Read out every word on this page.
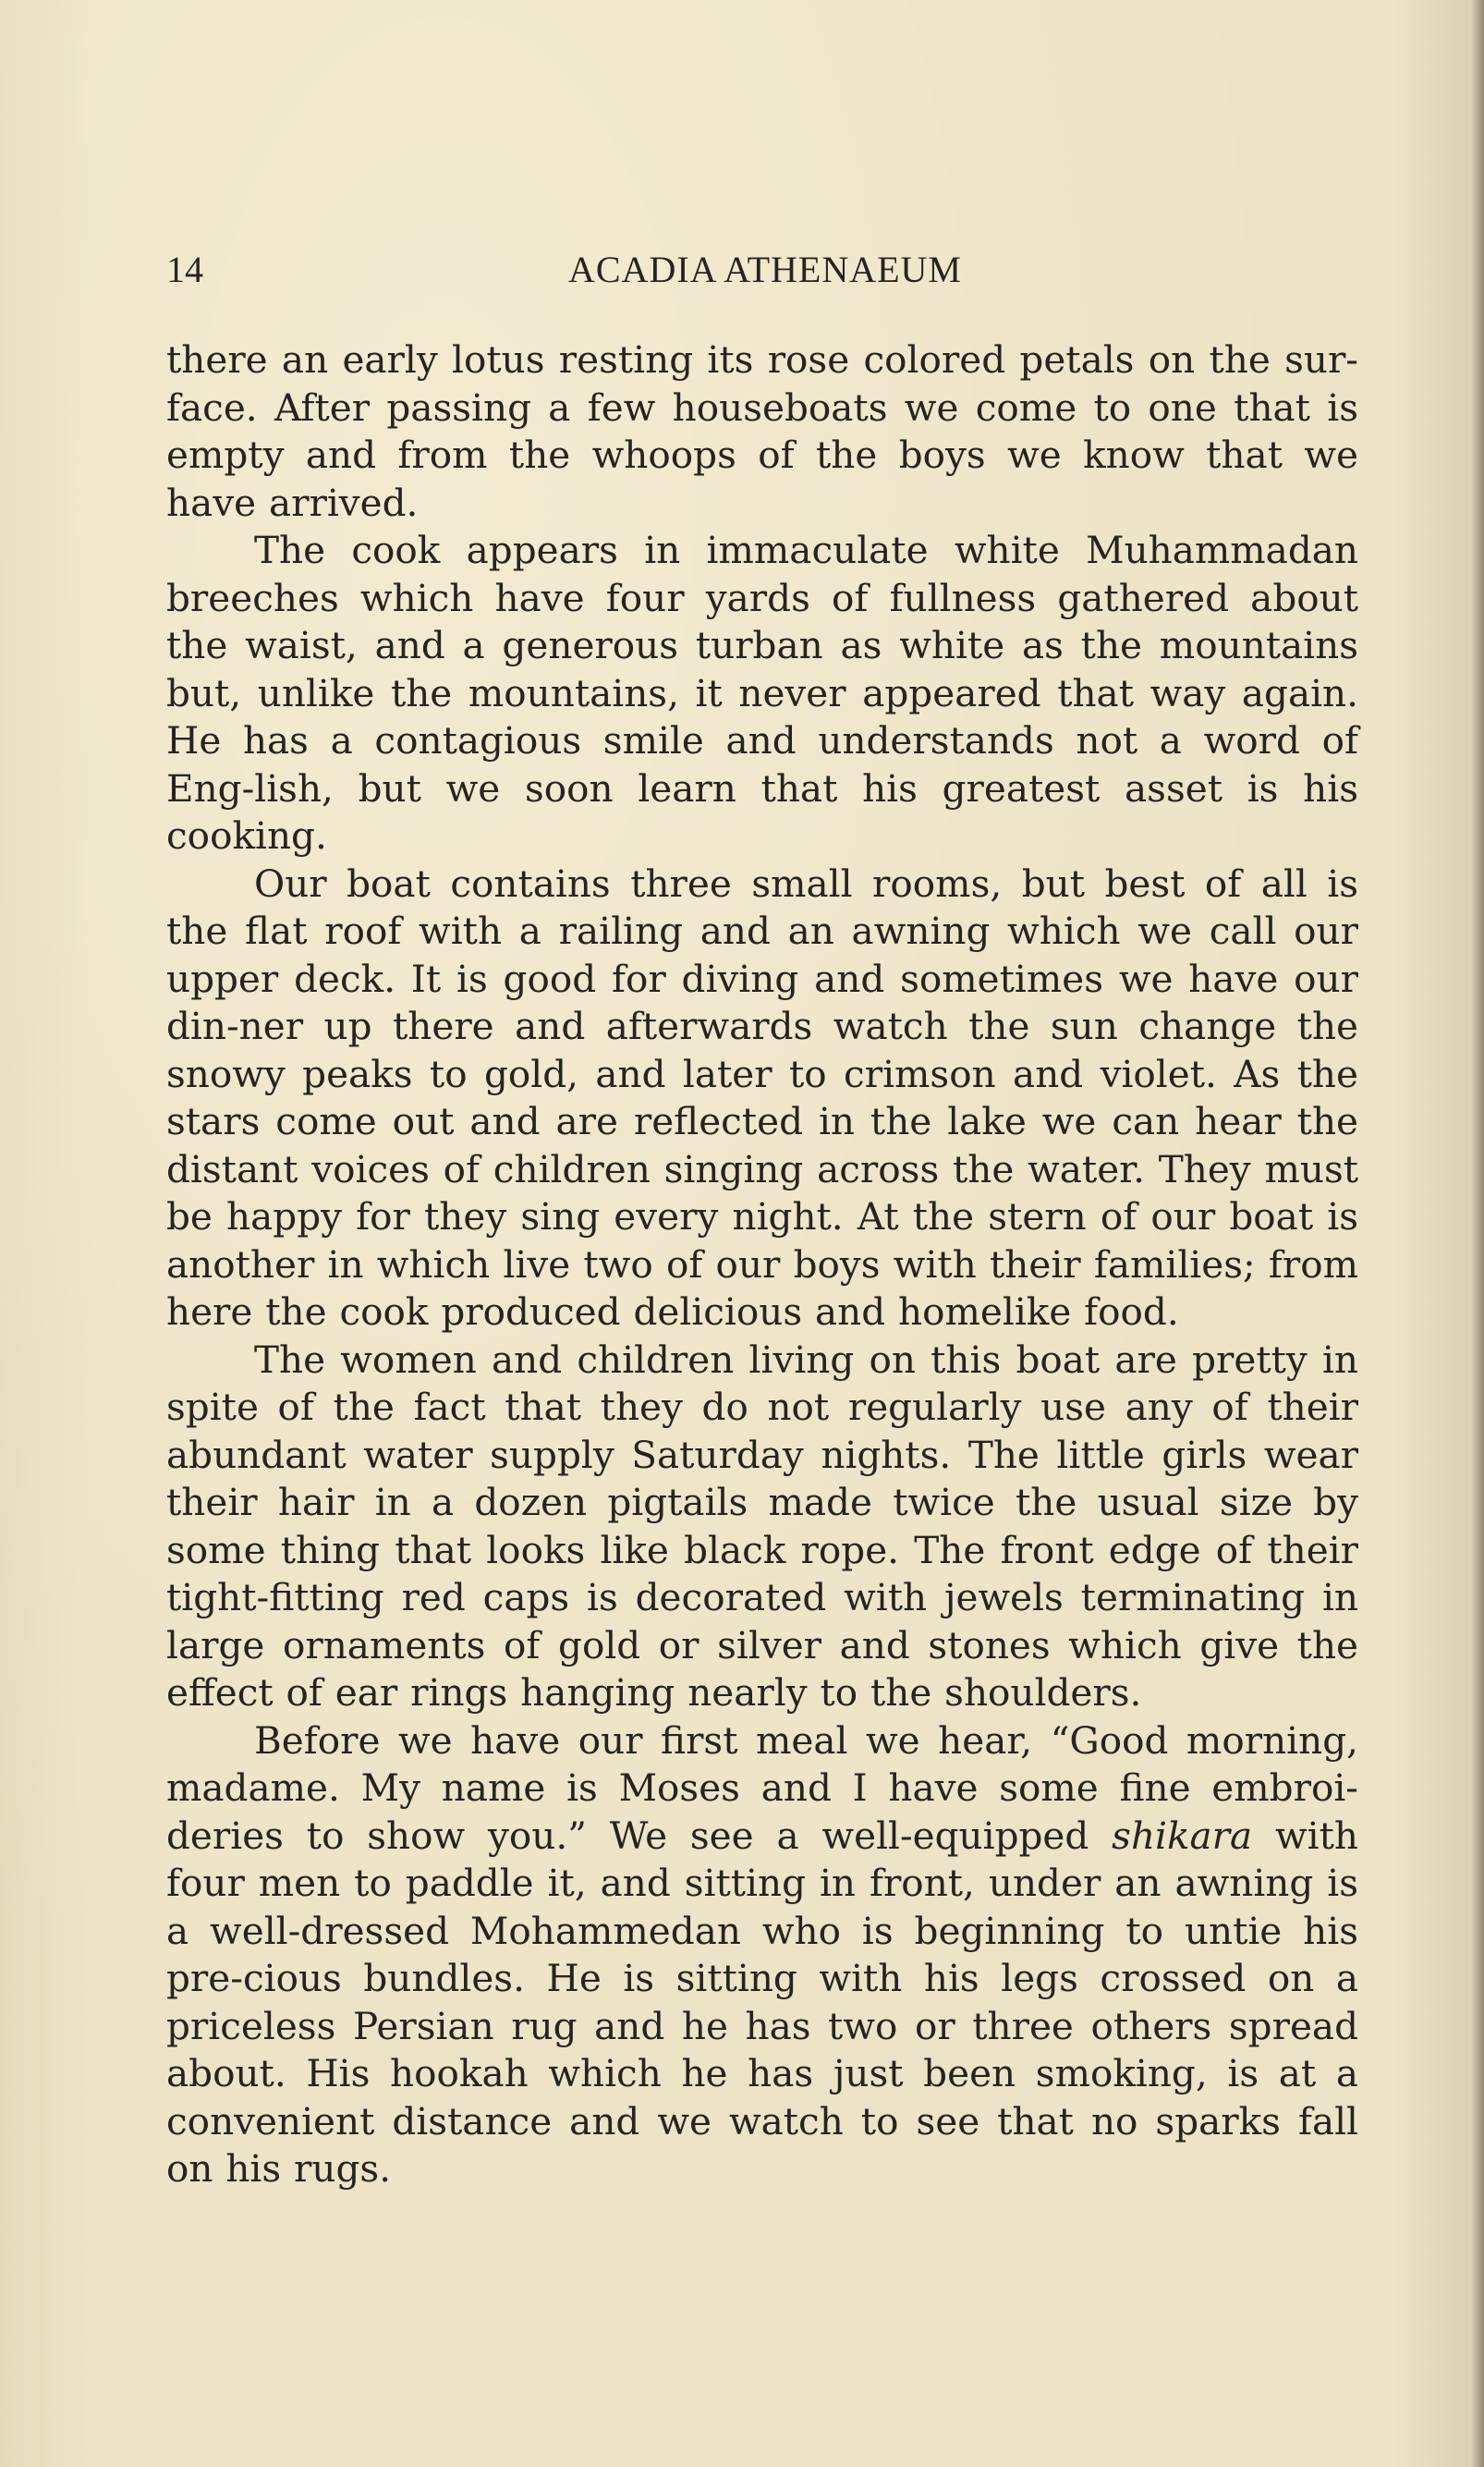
14	ACADIA ATHENAEUM

there an early lotus resting its rose colored petals on the sur-face. After passing a few houseboats we come to one that is empty and from the whoops of the boys we know that we have arrived.

The cook appears in immaculate white Muhammadan breeches which have four yards of fullness gathered about the waist, and a generous turban as white as the mountains but, unlike the mountains, it never appeared that way again. He has a contagious smile and understands not a word of Eng-lish, but we soon learn that his greatest asset is his cooking.

Our boat contains three small rooms, but best of all is the flat roof with a railing and an awning which we call our upper deck. It is good for diving and sometimes we have our din-ner up there and afterwards watch the sun change the snowy peaks to gold, and later to crimson and violet. As the stars come out and are reflected in the lake we can hear the distant voices of children singing across the water. They must be happy for they sing every night. At the stern of our boat is another in which live two of our boys with their families; from here the cook produced delicious and homelike food.

The women and children living on this boat are pretty in spite of the fact that they do not regularly use any of their abundant water supply Saturday nights. The little girls wear their hair in a dozen pigtails made twice the usual size by some thing that looks like black rope. The front edge of their tight-fitting red caps is decorated with jewels terminating in large ornaments of gold or silver and stones which give the effect of ear rings hanging nearly to the shoulders.

Before we have our first meal we hear, “Good morning, madame. My name is Moses and I have some fine embroi-deries to show you.” We see a well-equipped shikara with four men to paddle it, and sitting in front, under an awning is a well-dressed Mohammedan who is beginning to untie his pre-cious bundles. He is sitting with his legs crossed on a priceless Persian rug and he has two or three others spread about. His hookah which he has just been smoking, is at a convenient distance and we watch to see that no sparks fall on his rugs.
